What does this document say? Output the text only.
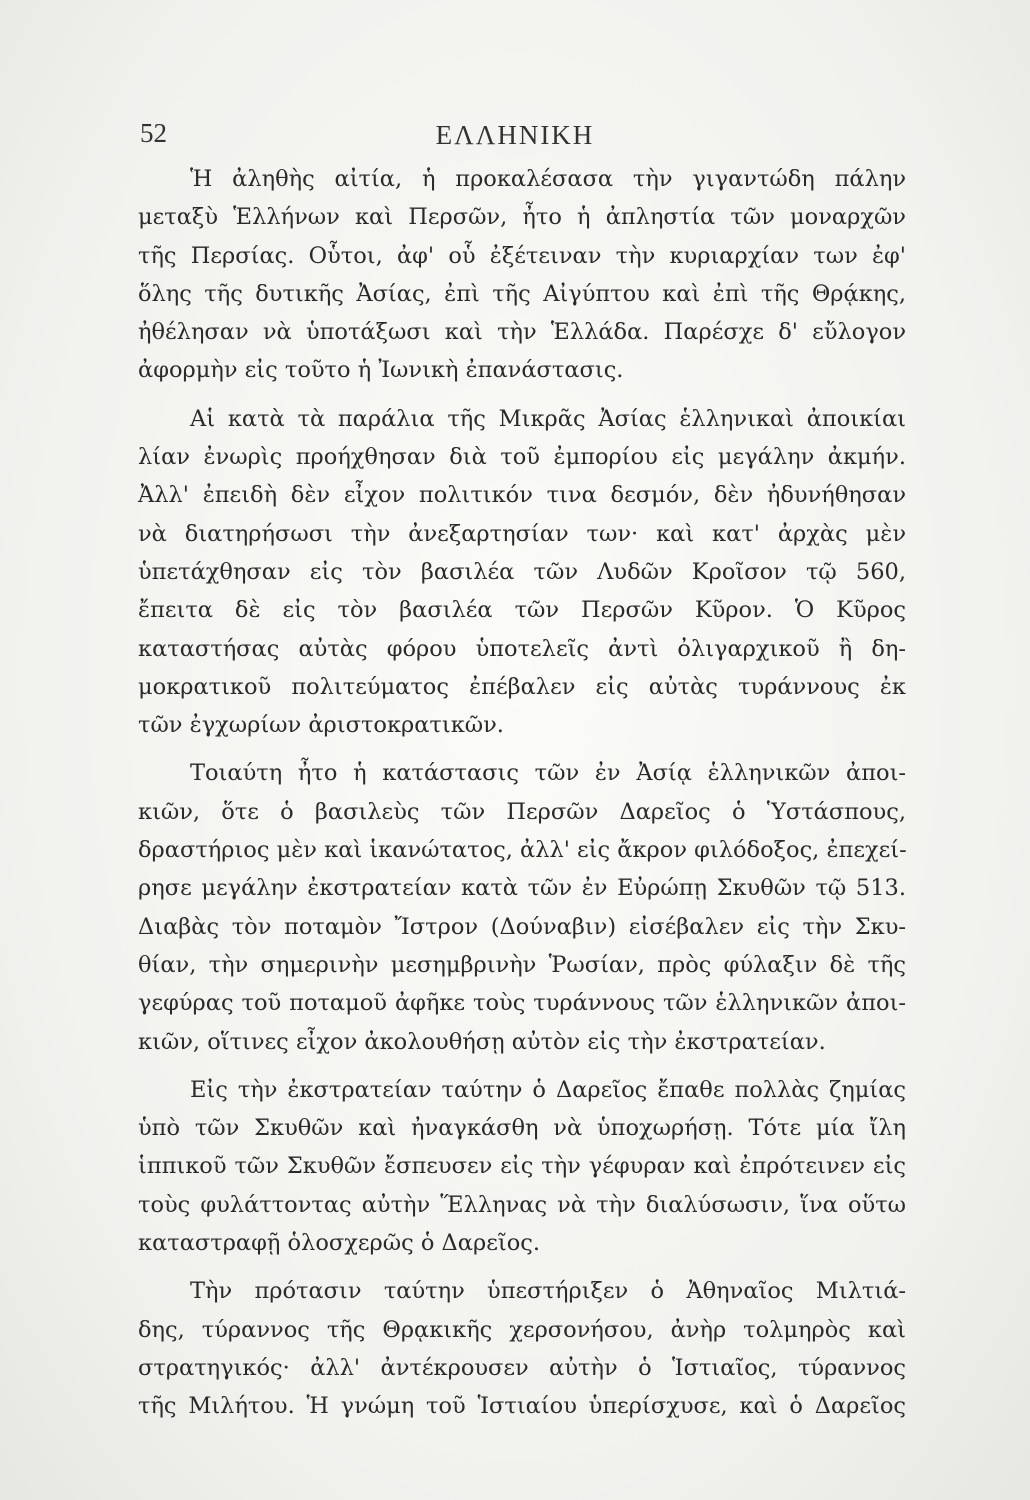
52	ΕΛΛΗΝΙΚΗ
Ἡ ἀληθὴς αἰτία, ἡ προκαλέσασα τὴν γιγαντώδη πάλην
μεταξὺ Ἑλλήνων καὶ Περσῶν, ἦτο ἡ ἀπληστία τῶν μοναρχῶν
τῆς Περσίας. Οὗτοι, ἀφ' οὗ ἐξέτειναν τὴν κυριαρχίαν των ἐφ'
ὅλης τῆς δυτικῆς Ἀσίας, ἐπὶ τῆς Αἰγύπτου καὶ ἐπὶ τῆς Θρᾴκης,
ἠθέλησαν νὰ ὑποτάξωσι καὶ τὴν Ἑλλάδα. Παρέσχε δ' εὔλογον
ἀφορμὴν εἰς τοῦτο ἡ Ἰωνικὴ ἐπανάστασις.
Αἱ κατὰ τὰ παράλια τῆς Μικρᾶς Ἀσίας ἑλληνικαὶ ἀποικίαι
λίαν ἐνωρὶς προήχθησαν διὰ τοῦ ἐμπορίου εἰς μεγάλην ἀκμήν.
Ἀλλ' ἐπειδὴ δὲν εἶχον πολιτικόν τινα δεσμόν, δὲν ἠδυνήθησαν
νὰ διατηρήσωσι τὴν ἀνεξαρτησίαν των· καὶ κατ' ἀρχὰς μὲν
ὑπετάχθησαν εἰς τὸν βασιλέα τῶν Λυδῶν Κροῖσον τῷ 560,
ἔπειτα δὲ εἰς τὸν βασιλέα τῶν Περσῶν Κῦρον. Ὁ Κῦρος
καταστήσας αὐτὰς φόρου ὑποτελεῖς ἀντὶ ὀλιγαρχικοῦ ἢ δη-
μοκρατικοῦ πολιτεύματος ἐπέβαλεν εἰς αὐτὰς τυράννους ἐκ
τῶν ἐγχωρίων ἀριστοκρατικῶν.
Τοιαύτη ἦτο ἡ κατάστασις τῶν ἐν Ἀσίᾳ ἑλληνικῶν ἀποι-
κιῶν, ὅτε ὁ βασιλεὺς τῶν Περσῶν Δαρεῖος ὁ Ὑστάσπους,
δραστήριος μὲν καὶ ἱκανώτατος, ἀλλ' εἰς ἄκρον φιλόδοξος, ἐπεχεί-
ρησε μεγάλην ἐκστρατείαν κατὰ τῶν ἐν Εὐρώπῃ Σκυθῶν τῷ 513.
Διαβὰς τὸν ποταμὸν Ἴστρον (Δούναβιν) εἰσέβαλεν εἰς τὴν Σκυ-
θίαν, τὴν σημερινὴν μεσημβρινὴν Ῥωσίαν, πρὸς φύλαξιν δὲ τῆς
γεφύρας τοῦ ποταμοῦ ἀφῆκε τοὺς τυράννους τῶν ἑλληνικῶν ἀποι-
κιῶν, οἵτινες εἶχον ἀκολουθήσῃ αὐτὸν εἰς τὴν ἐκστρατείαν.
Εἰς τὴν ἐκστρατείαν ταύτην ὁ Δαρεῖος ἔπαθε πολλὰς ζημίας
ὑπὸ τῶν Σκυθῶν καὶ ἠναγκάσθη νὰ ὑποχωρήσῃ. Τότε μία ἴλη
ἱππικοῦ τῶν Σκυθῶν ἔσπευσεν εἰς τὴν γέφυραν καὶ ἐπρότεινεν εἰς
τοὺς φυλάττοντας αὐτὴν Ἕλληνας νὰ τὴν διαλύσωσιν, ἵνα οὕτω
καταστραφῇ ὁλοσχερῶς ὁ Δαρεῖος.
Τὴν πρότασιν ταύτην ὑπεστήριξεν ὁ Ἀθηναῖος Μιλτιά-
δης, τύραννος τῆς Θρᾳκικῆς χερσονήσου, ἀνὴρ τολμηρὸς καὶ
στρατηγικός· ἀλλ' ἀντέκρουσεν αὐτὴν ὁ Ἱστιαῖος, τύραννος
τῆς Μιλήτου. Ἡ γνώμη τοῦ Ἱστιαίου ὑπερίσχυσε, καὶ ὁ Δαρεῖος
